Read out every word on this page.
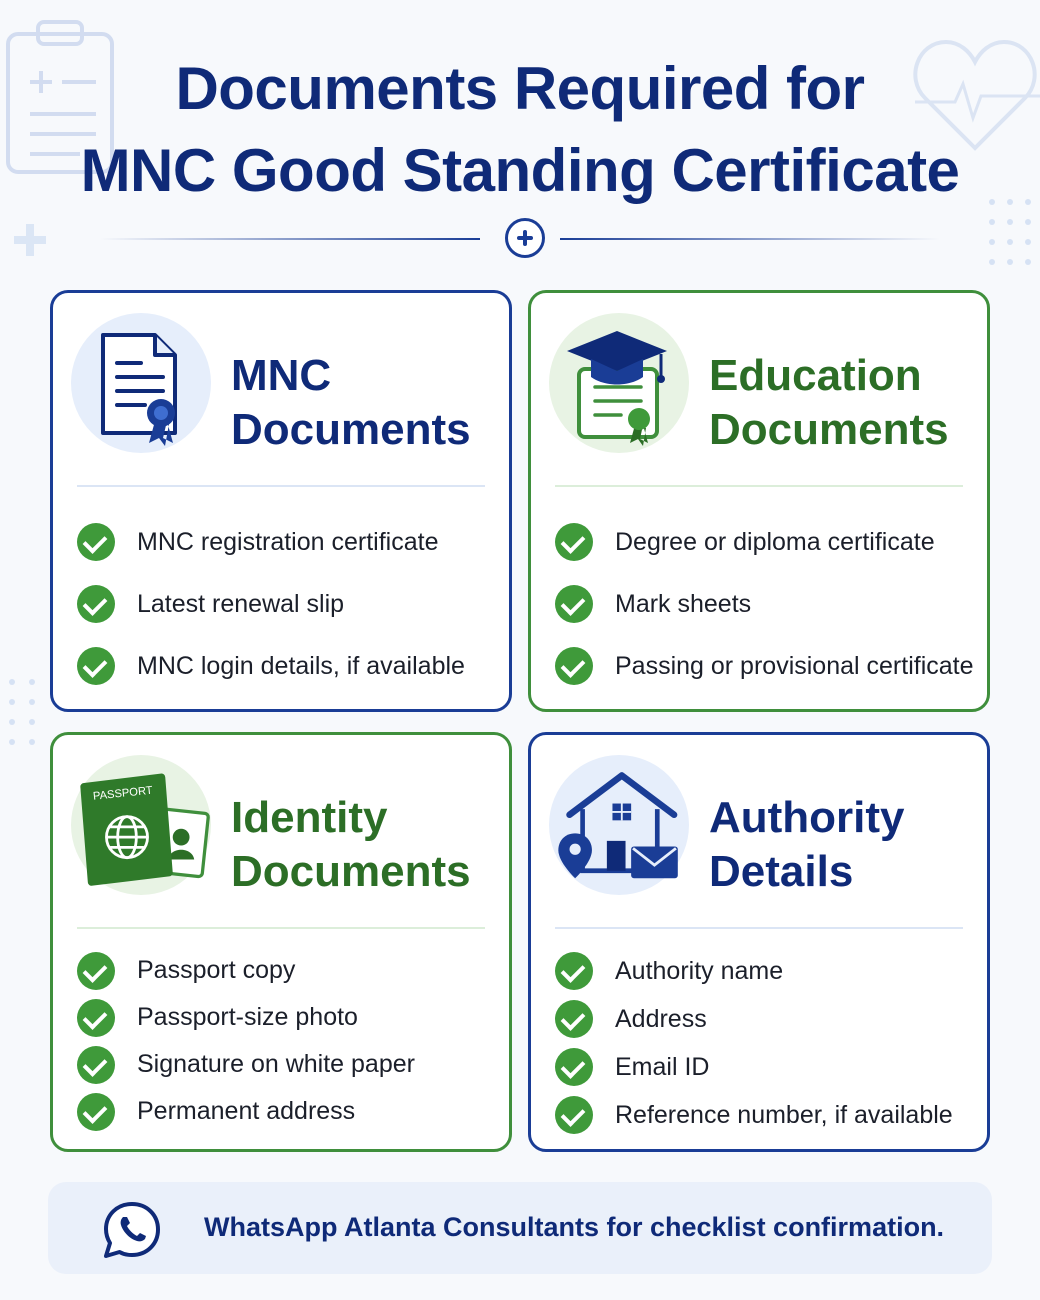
Documents Required for
MNC Good Standing Certificate
MNC
Documents
MNC registration certificate
Latest renewal slip
MNC login details, if available
Education
Documents
Degree or diploma certificate
Mark sheets
Passing or provisional certificate
PASSPORT Identity
Documents
Passport copy
Passport-size photo
Signature on white paper
Permanent address
Authority
Details
Authority name
Address
Email ID
Reference number, if available
WhatsApp Atlanta Consultants for checklist confirmation.
